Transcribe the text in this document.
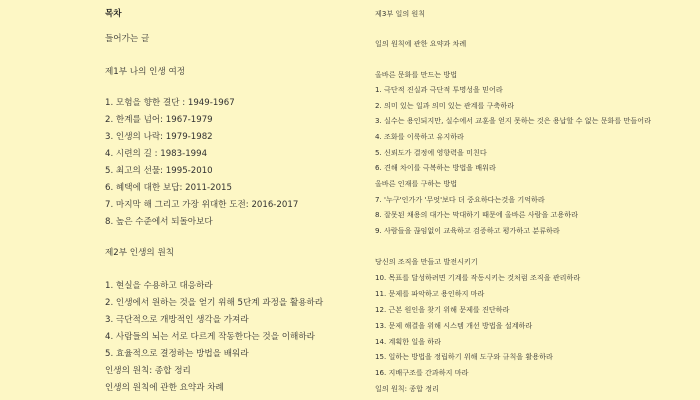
목차
들어가는 글
제1부 나의 인생 여정
1. 모험을 향한 결단 : 1949-1967
2. 한계를 넘어: 1967-1979
3. 인생의 나락: 1979-1982
4. 시련의 길 : 1983-1994
5. 최고의 선물: 1995-2010
6. 혜택에 대한 보답: 2011-2015
7. 마지막 해 그리고 가장 위대한 도전: 2016-2017
8. 높은 수준에서 되돌아보다
제2부 인생의 원칙
1. 현실을 수용하고 대응하라
2. 인생에서 원하는 것을 얻기 위해 5단계 과정을 활용하라
3. 극단적으로 개방적인 생각을 가져라
4. 사람들의 뇌는 서로 다르게 작동한다는 것을 이해하라
5. 효율적으로 결정하는 방법을 배워라
인생의 원칙: 종합 정리
인생의 원칙에 관한 요약과 차례
제3부 일의 원칙
일의 원칙에 관한 요약과 차례
올바른 문화를 만드는 방법
1. 극단적 진실과 극단적 투명성을 믿어라
2. 의미 있는 일과 의미 있는 관계를 구축하라
3. 실수는 용인되지만, 실수에서 교훈을 얻지 못하는 것은 용납할 수 없는 문화를 만들어라
4. 조화를 이룩하고 유지하라
5. 신뢰도가 결정에 영향력을 미친다
6. 견해 차이를 극복하는 방법을 배워라
올바른 인재를 구하는 방법
7. '누구'인가가 '무엇'보다 더 중요하다는것을 기억하라
8. 잘못된 채용의 대가는 막대하기 때문에 올바른 사람을 고용하라
9. 사람들을 끊임없이 교육하고 검증하고 평가하고 분류하라
당신의 조직을 만들고 발전시키기
10. 목표를 달성하려면 기계를 작동시키는 것처럼 조직을 관리하라
11. 문제를 파악하고 용인하지 마라
12. 근본 원인을 찾기 위해 문제를 진단하라
13. 문제 해결을 위해 시스템 개선 방법을 설계하라
14. 계획한 일을 하라
15. 일하는 방법을 정립하기 위해 도구와 규칙을 활용하라
16. 지배구조를 간과하지 마라
일의 원칙: 종합 정리
